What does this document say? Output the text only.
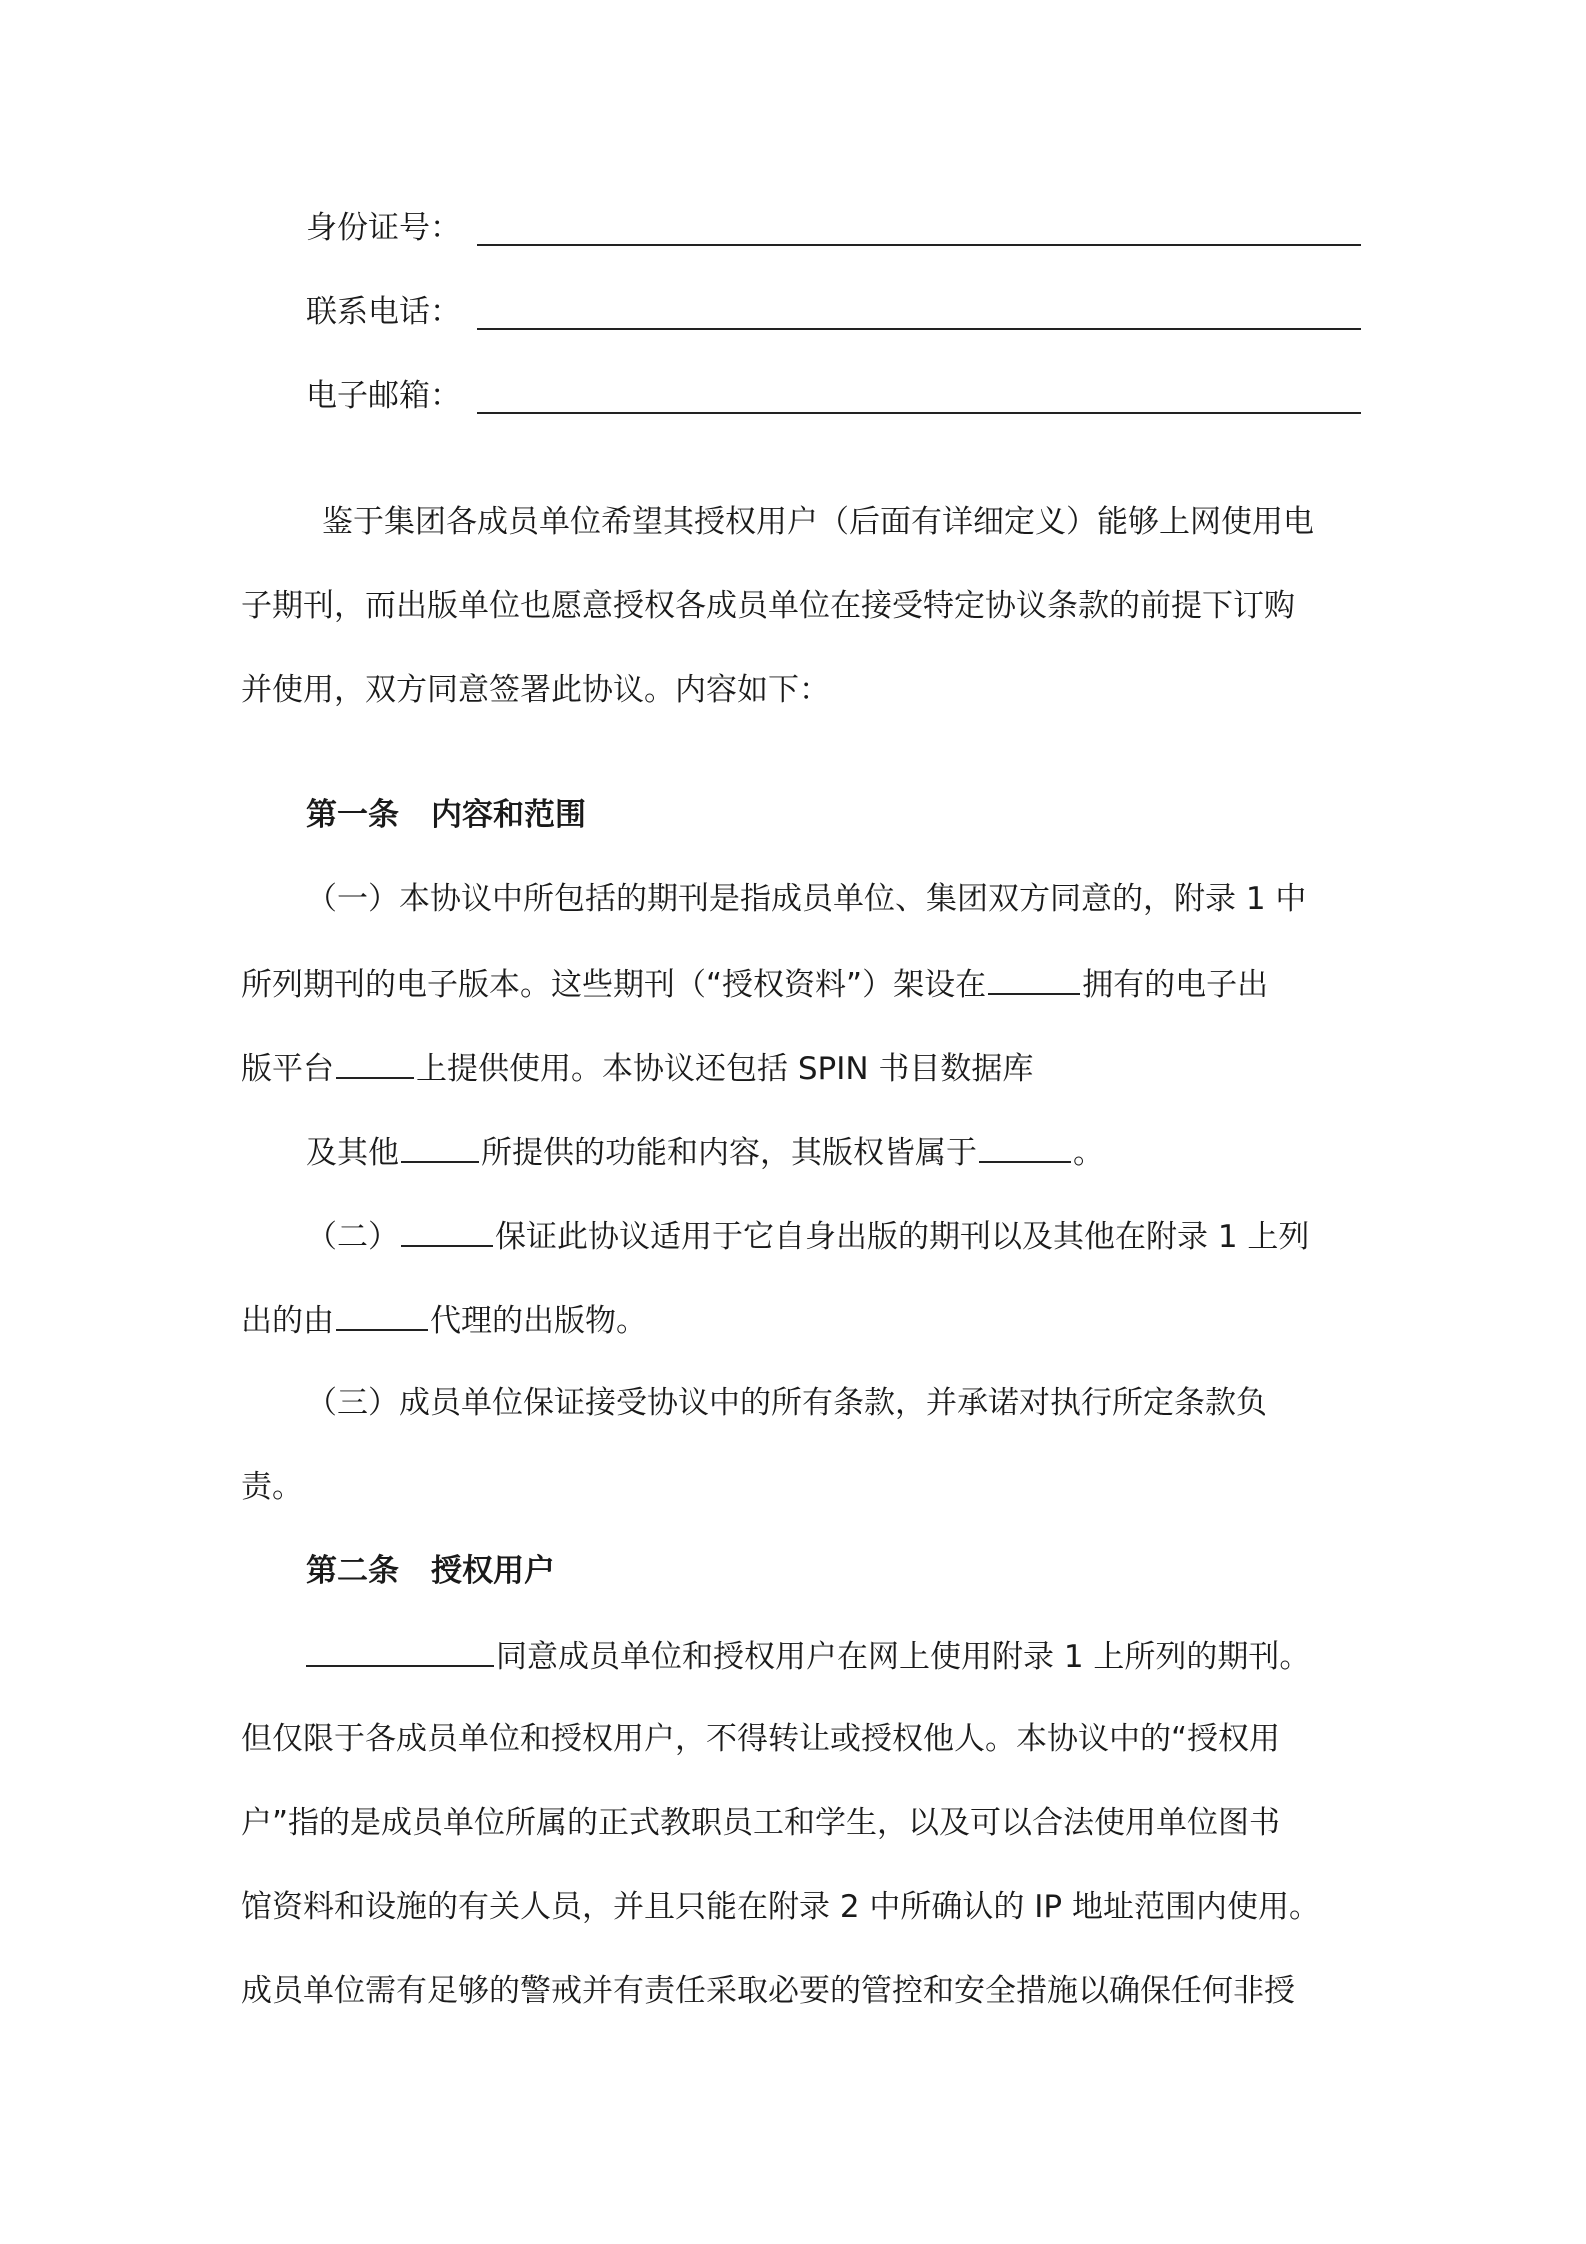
身份证号：
联系电话：
电子邮箱：
鉴于集团各成员单位希望其授权用户（后面有详细定义）能够上网使用电
子期刊，而出版单位也愿意授权各成员单位在接受特定协议条款的前提下订购
并使用，双方同意签署此协议。内容如下：
第一条 内容和范围
（一）本协议中所包括的期刊是指成员单位、集团双方同意的，附录 1 中
所列期刊的电子版本。这些期刊（“授权资料”）架设在	拥有的电子出
版平台	上提供使用。本协议还包括 SPIN 书目数据库
及其他	所提供的功能和内容，其版权皆属于	。
（二）	保证此协议适用于它自身出版的期刊以及其他在附录 1 上列
出的由	代理的出版物。
（三）成员单位保证接受协议中的所有条款，并承诺对执行所定条款负
责。
第二条 授权用户
同意成员单位和授权用户在网上使用附录 1 上所列的期刊。
但仅限于各成员单位和授权用户，不得转让或授权他人。本协议中的“授权用
户”指的是成员单位所属的正式教职员工和学生，以及可以合法使用单位图书
馆资料和设施的有关人员，并且只能在附录 2 中所确认的 IP 地址范围内使用。
成员单位需有足够的警戒并有责任采取必要的管控和安全措施以确保任何非授
